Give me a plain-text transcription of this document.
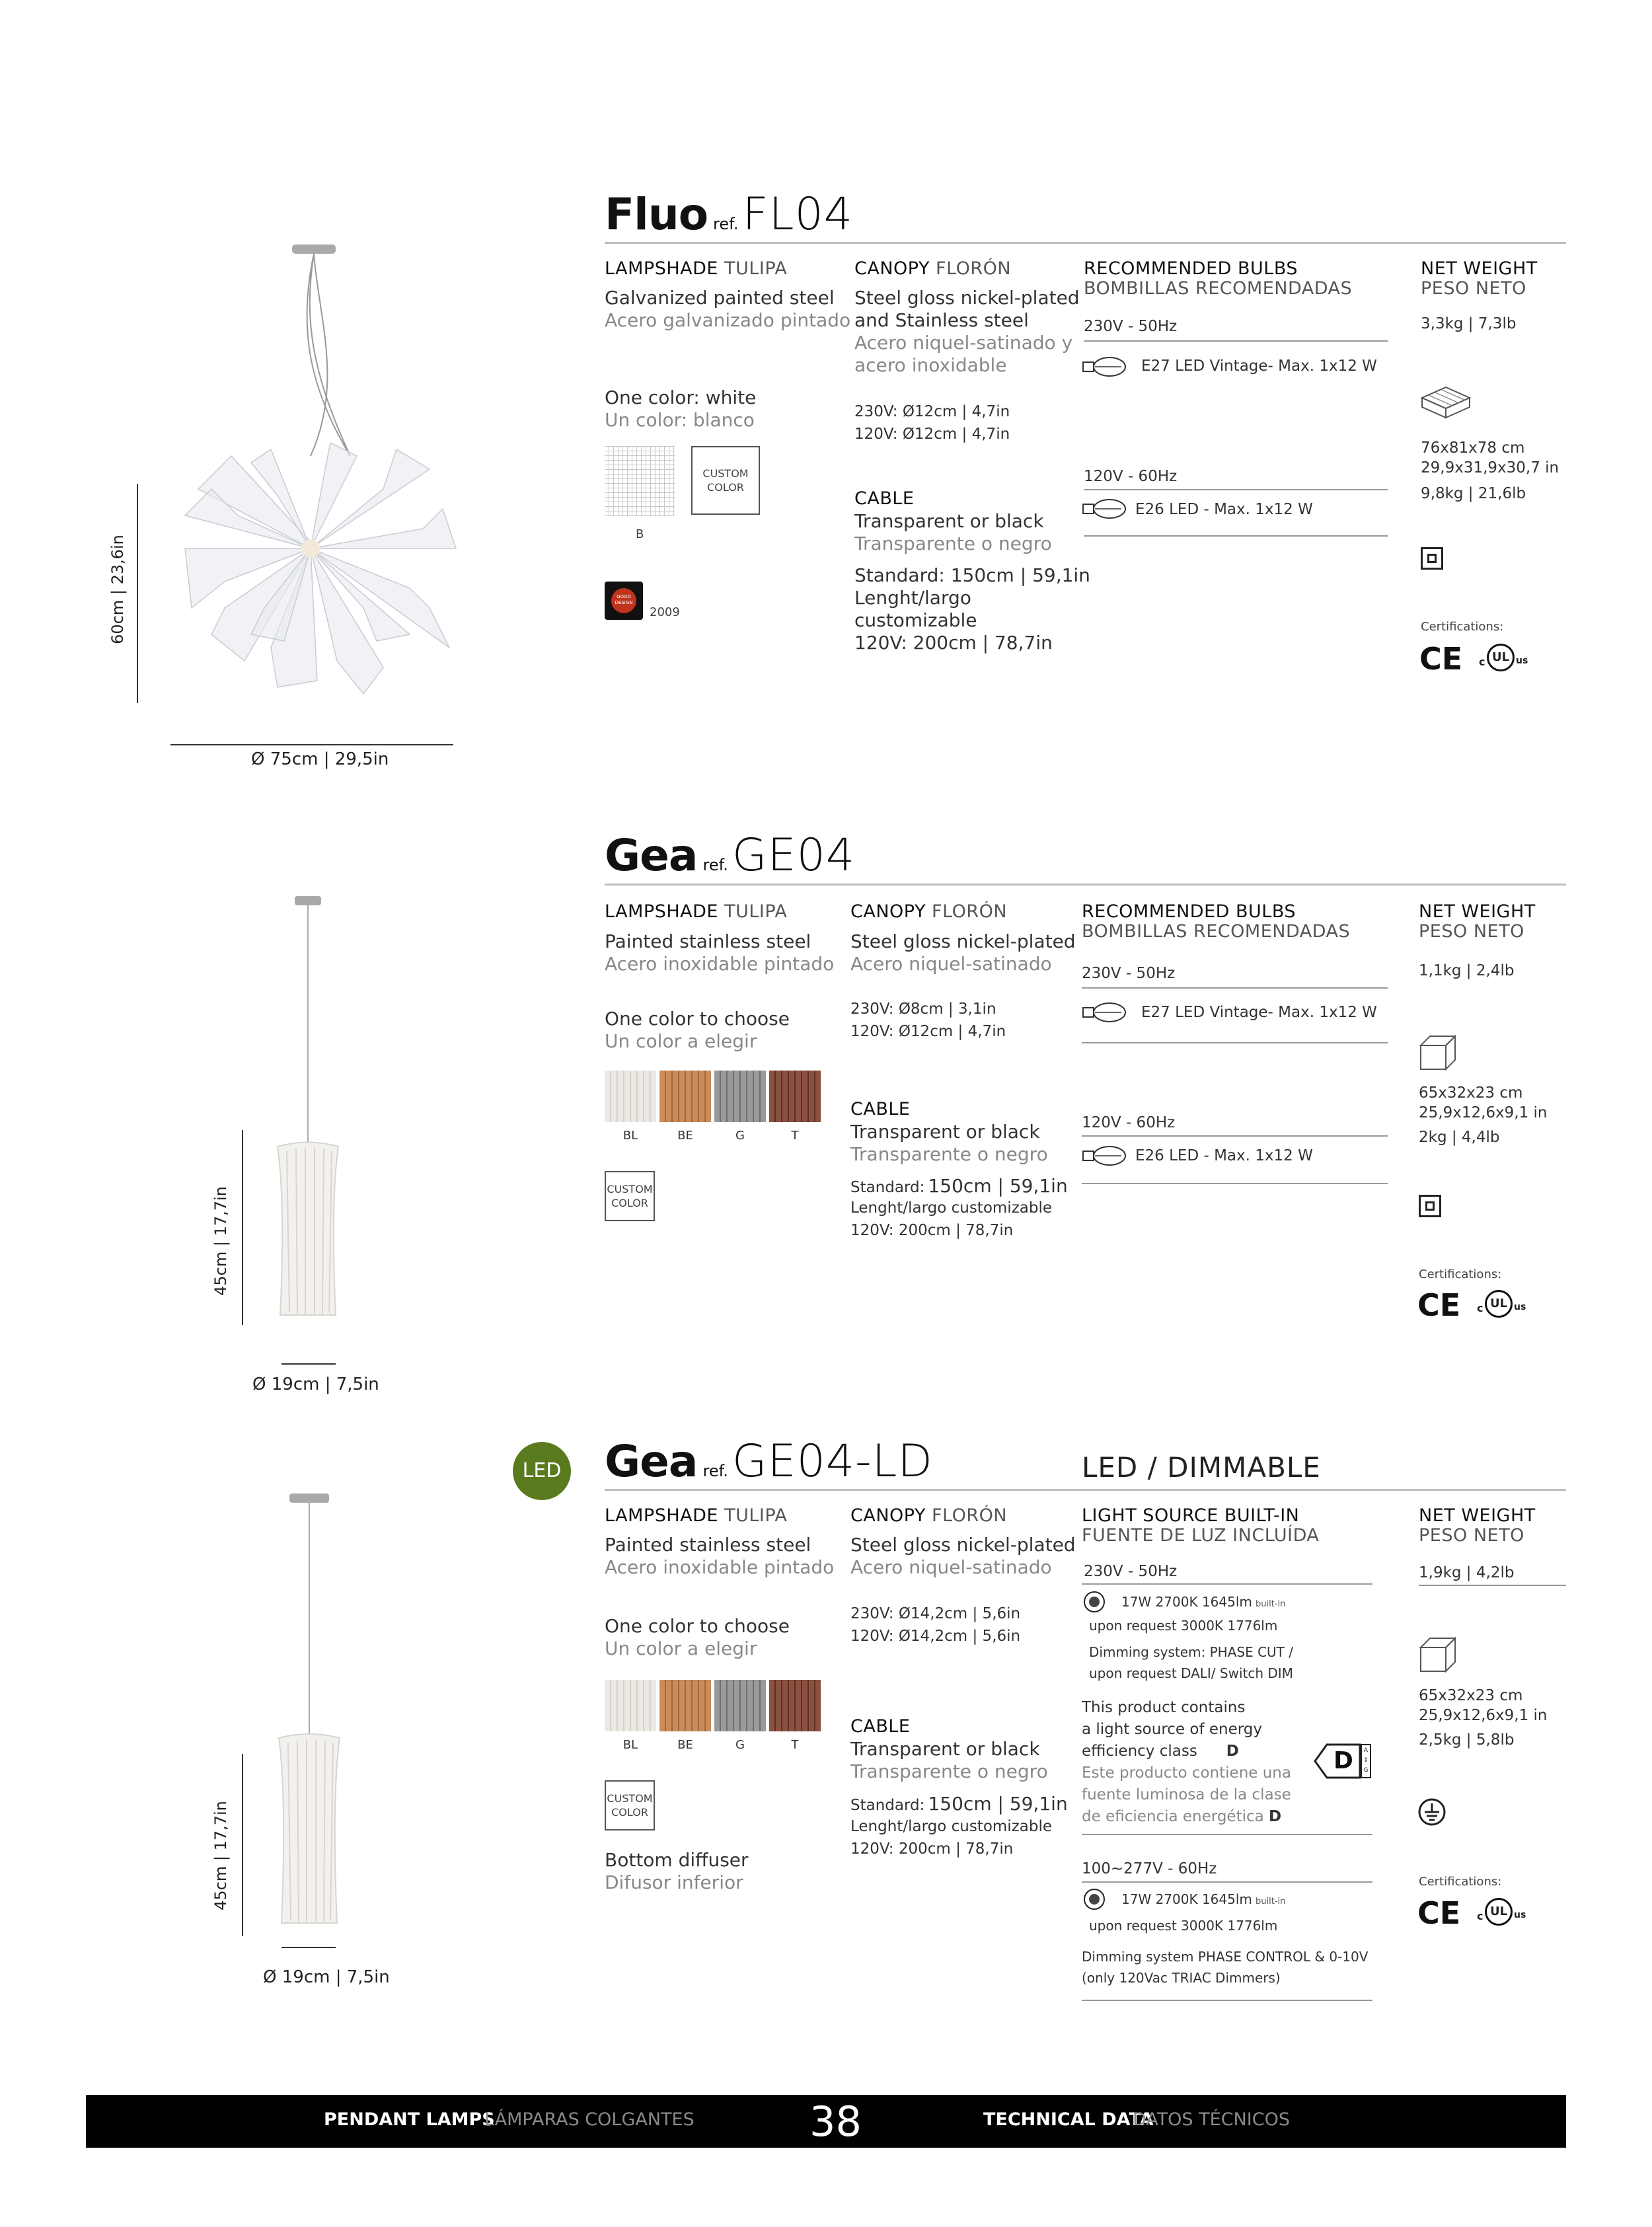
Fluo ref.FL04
60cm | 23,6in
Ø 75cm | 29,5in
LAMPSHADE TULIPA
Galvanized painted steel
Acero galvanizado pintado
One color: white
Un color: blanco
B
CUSTOM
COLOR
GOOD
DESIGN
2009
CANOPY FLORÓN
Steel gloss nickel-plated
and Stainless steel
Acero niquel-satinado y
acero inoxidable
230V: Ø12cm | 4,7in
120V: Ø12cm | 4,7in
CABLE
Transparent or black
Transparente o negro
Standard: 150cm | 59,1in
Lenght/largo
customizable
120V: 200cm | 78,7in
RECOMMENDED BULBS
BOMBILLAS RECOMENDADAS
230V - 50Hz
E27 LED Vintage- Max. 1x12 W
120V - 60Hz
E26 LED - Max. 1x12 W
NET WEIGHT
PESO NETO
3,3kg | 7,3lb
76x81x78 cm
29,9x31,9x30,7 in
9,8kg | 21,6lb
Certifications:
CE c UL us
Gea ref.GE04
45cm | 17,7in
Ø 19cm | 7,5in
LAMPSHADE TULIPA
Painted stainless steel
Acero inoxidable pintado
One color to choose
Un color a elegir
BL	BE	G	T
CUSTOM
COLOR
CANOPY FLORÓN
Steel gloss nickel-plated
Acero niquel-satinado
230V: Ø8cm | 3,1in
120V: Ø12cm | 4,7in
CABLE
Transparent or black
Transparente o negro
Standard: 150cm | 59,1in
Lenght/largo customizable
120V: 200cm | 78,7in
RECOMMENDED BULBS
BOMBILLAS RECOMENDADAS
230V - 50Hz
E27 LED Vintage- Max. 1x12 W
120V - 60Hz
E26 LED - Max. 1x12 W
NET WEIGHT
PESO NETO
1,1kg | 2,4lb
65x32x23 cm
25,9x12,6x9,1 in
2kg | 4,4lb
Certifications:
CE c UL us
LED Gea ref.GE04-LD	LED / DIMMABLE
45cm | 17,7in
Ø 19cm | 7,5in
LAMPSHADE TULIPA
Painted stainless steel
Acero inoxidable pintado
One color to choose
Un color a elegir
BL	BE	G	T
CUSTOM
COLOR
Bottom diffuser
Difusor inferior
CANOPY FLORÓN
Steel gloss nickel-plated
Acero niquel-satinado
230V: Ø14,2cm | 5,6in
120V: Ø14,2cm | 5,6in
CABLE
Transparent or black
Transparente o negro
Standard: 150cm | 59,1in
Lenght/largo customizable
120V: 200cm | 78,7in
LIGHT SOURCE BUILT-IN
FUENTE DE LUZ INCLUÍDA
230V - 50Hz
17W 2700K 1645lm built-in
upon request 3000K 1776lm
Dimming system: PHASE CUT /
upon request DALI/ Switch DIM
This product contains
a light source of energy
efficiency class D
Este producto contiene una
fuente luminosa de la clase
de eficiencia energética D
D A
↕
G
100~277V - 60Hz
17W 2700K 1645lm built-in
upon request 3000K 1776lm
Dimming system PHASE CONTROL & 0-10V
(only 120Vac TRIAC Dimmers)
NET WEIGHT
PESO NETO
1,9kg | 4,2lb
65x32x23 cm
25,9x12,6x9,1 in
2,5kg | 5,8lb
Certifications:
CE c UL us
PENDANT LAMPS
LÁMPARAS COLGANTES	38	TECHNICAL DATA
DATOS TÉCNICOS
